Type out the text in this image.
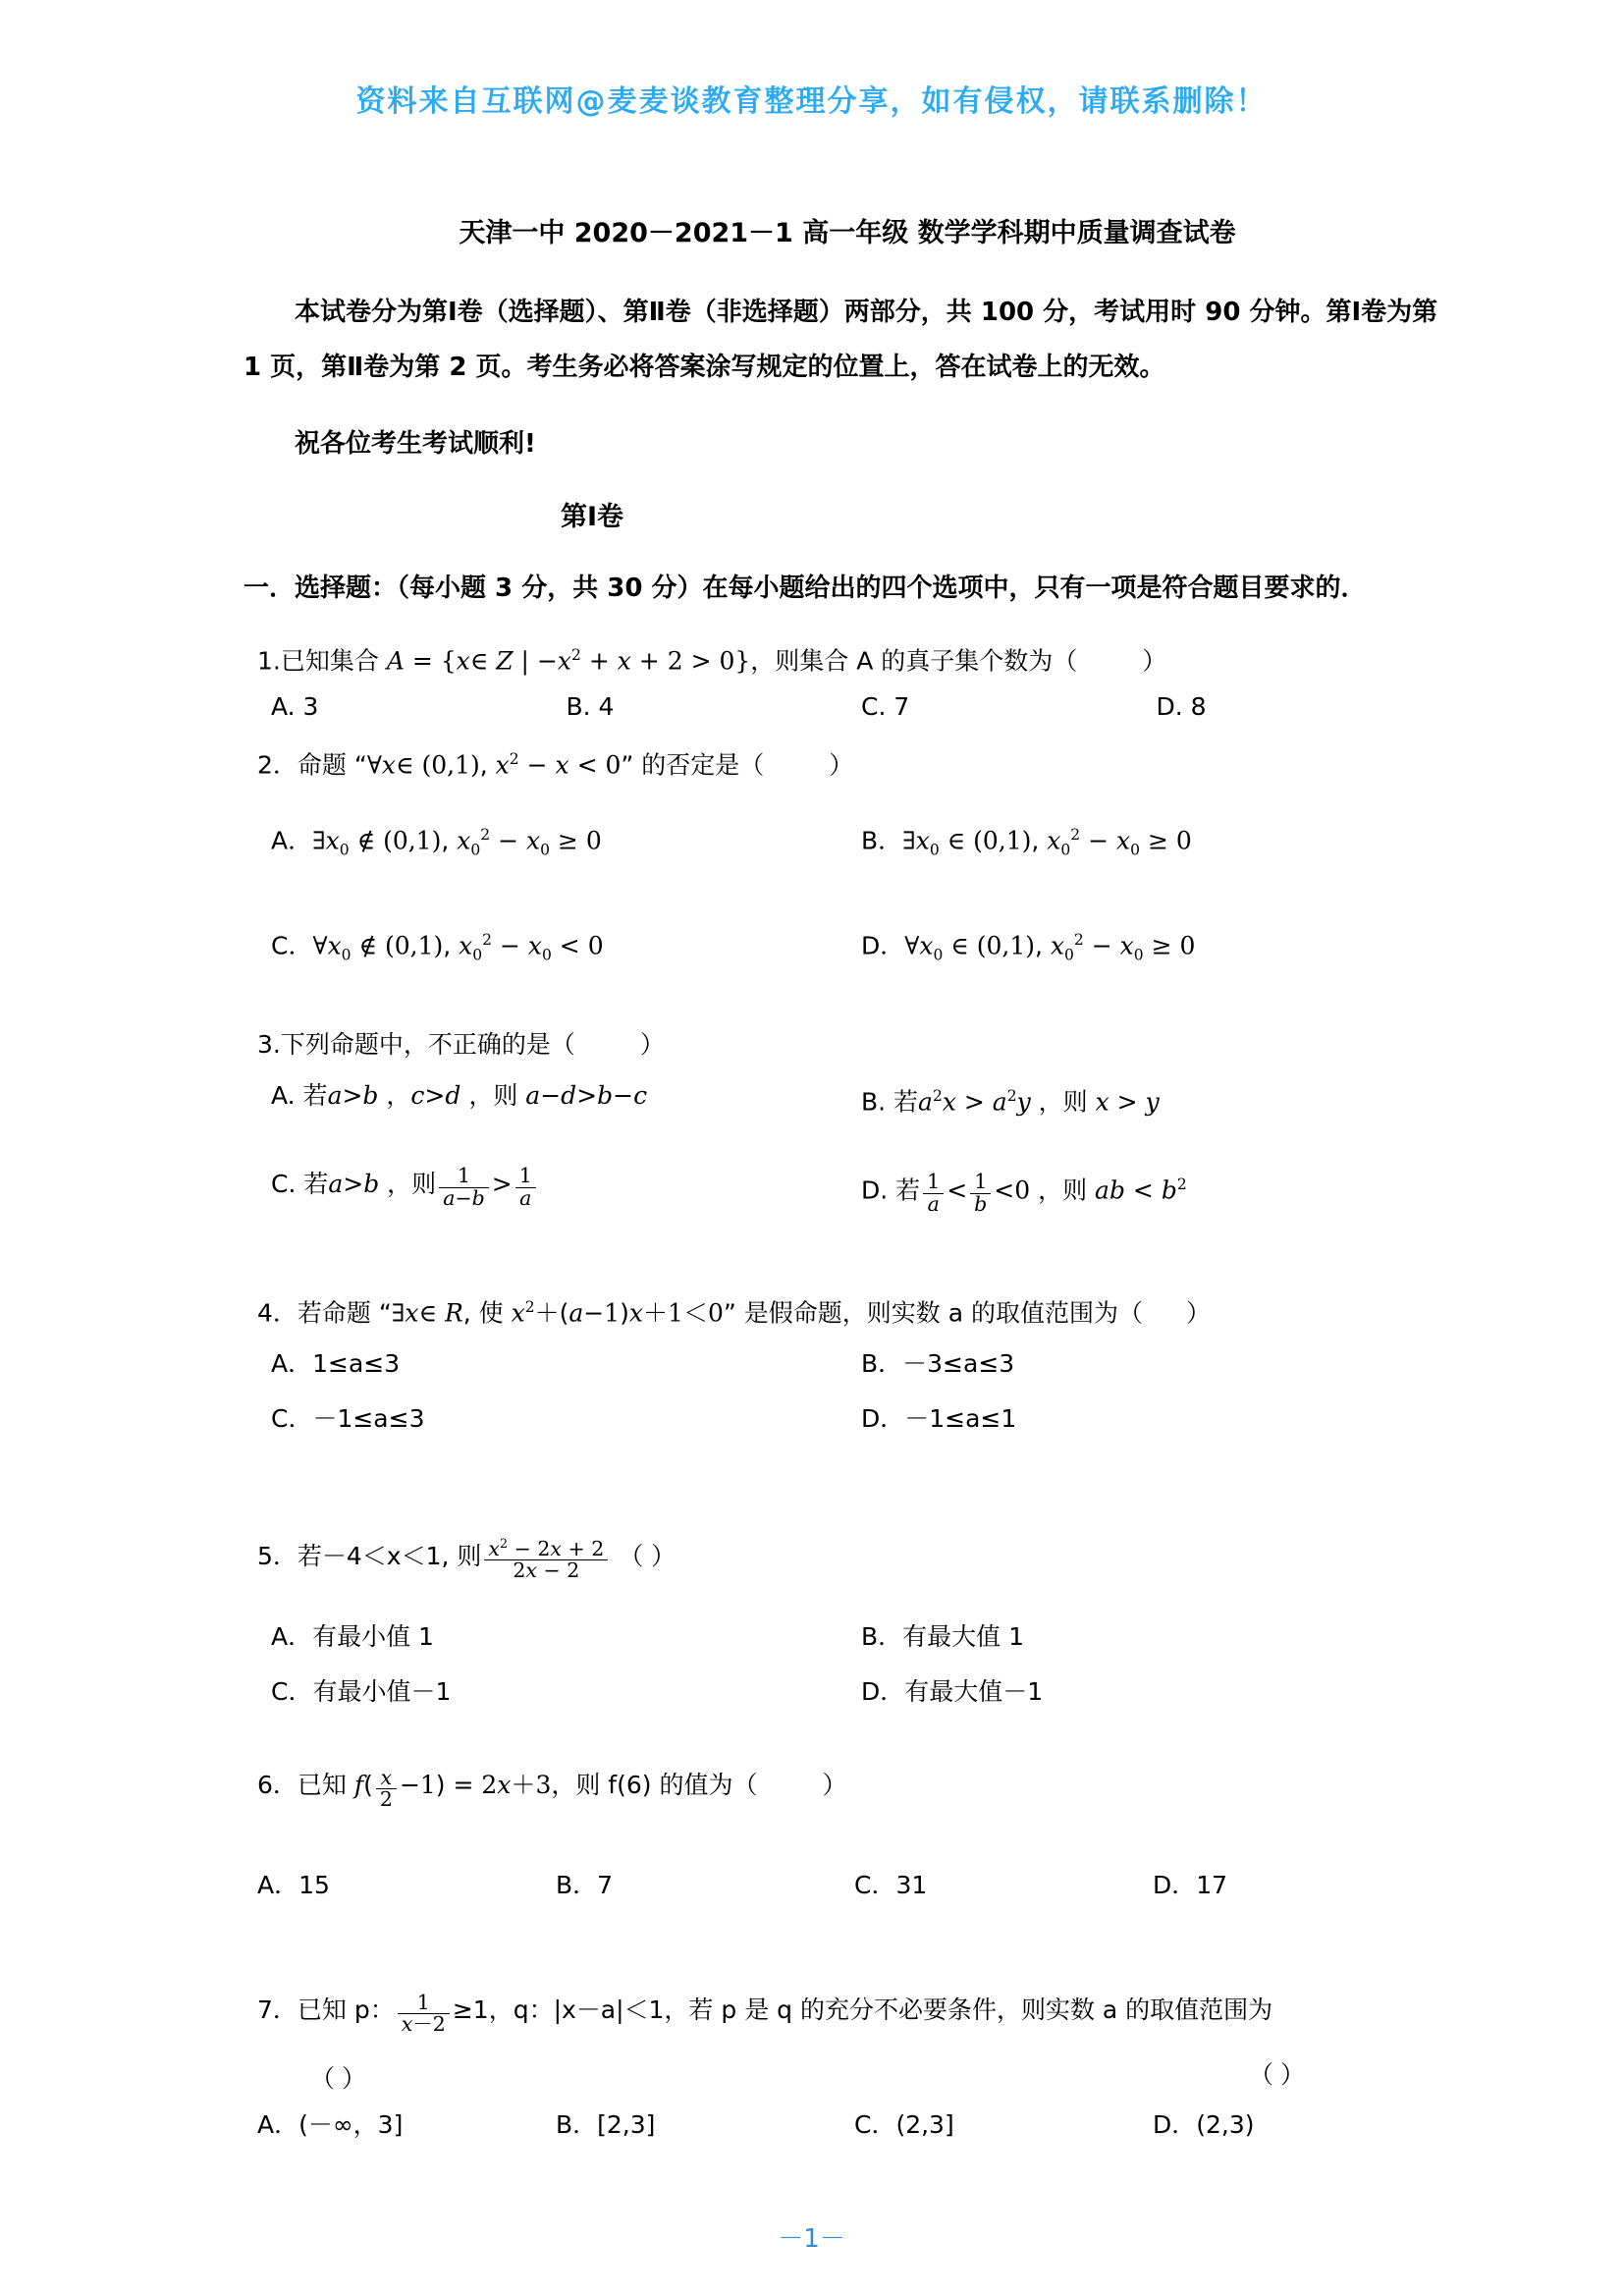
资料来自互联网@麦麦谈教育整理分享，如有侵权，请联系删除！
天津一中 2020－2021－1 高一年级 数学学科期中质量调查试卷
本试卷分为第Ⅰ卷（选择题）、第Ⅱ卷（非选择题）两部分，共 100 分，考试用时 90 分钟。第Ⅰ卷为第 1 页，第Ⅱ卷为第 2 页。考生务必将答案涂写规定的位置上，答在试卷上的无效。
祝各位考生考试顺利!
第Ⅰ卷
一．选择题：（每小题 3 分，共 30 分）在每小题给出的四个选项中，只有一项是符合题目要求的．
1.已知集合 A = {x∈ Z | $-x^2 + x + 2 > 0$}，则集合 A 的真子集个数为（	）
A. 3	B. 4	C. 7	D. 8
2．命题 “∀x∈ (0,1), $x^2 - x < 0$” 的否定是（	）
A．$\exists x_0$ ∉ (0,1), $x_0^2 - x_0 \ge 0$	B．$\exists x_0$ ∈ (0,1), $x_0^2 - x_0 \ge 0$
C．$\forall x_0$ ∉ (0,1), $x_0^2 - x_0 < 0$	D．$\forall x_0$ ∈ (0,1), $x_0^2 - x_0 \ge 0$
3.下列命题中，不正确的是（	）
A. 若a>b ，c>d ，则 a−d>b−c	B. 若$a^2x > a^2y$ ，则 x > y
C. 若a>b ，则 $\frac{1}{a-b} > \frac{1}{a}$	D. 若 $\frac{1}{a} < \frac{1}{b} <0$ ，则 ab < $b^2$
4．若命题 “∃x∈ R, 使 $x^2+(a-1)x+1<0$” 是假命题，则实数 a 的取值范围为（ ）
A．1≤a≤3	B．－3≤a≤3
C．－1≤a≤3	D．－1≤a≤1
5．若－4＜x＜1, 则 $\frac{x^2 - 2x + 2}{2x - 2}$ （ ）
A．有最小值 1	B．有最大值 1
C．有最小值－1	D．有最大值－1
6．已知 $f( \frac{x}{2} -1) = 2x+3$，则 f(6) 的值为（	）
A．15	B．7	C．31	D．17
7．已知 p： $\frac{1}{x-2} \ge 1$，q：|x－a|＜1，若 p 是 q 的充分不必要条件，则实数 a 的取值范围为
（ ）	（ ）
A．(－∞，3]	B．[2,3]	C．(2,3]	D．(2,3)
－1－
